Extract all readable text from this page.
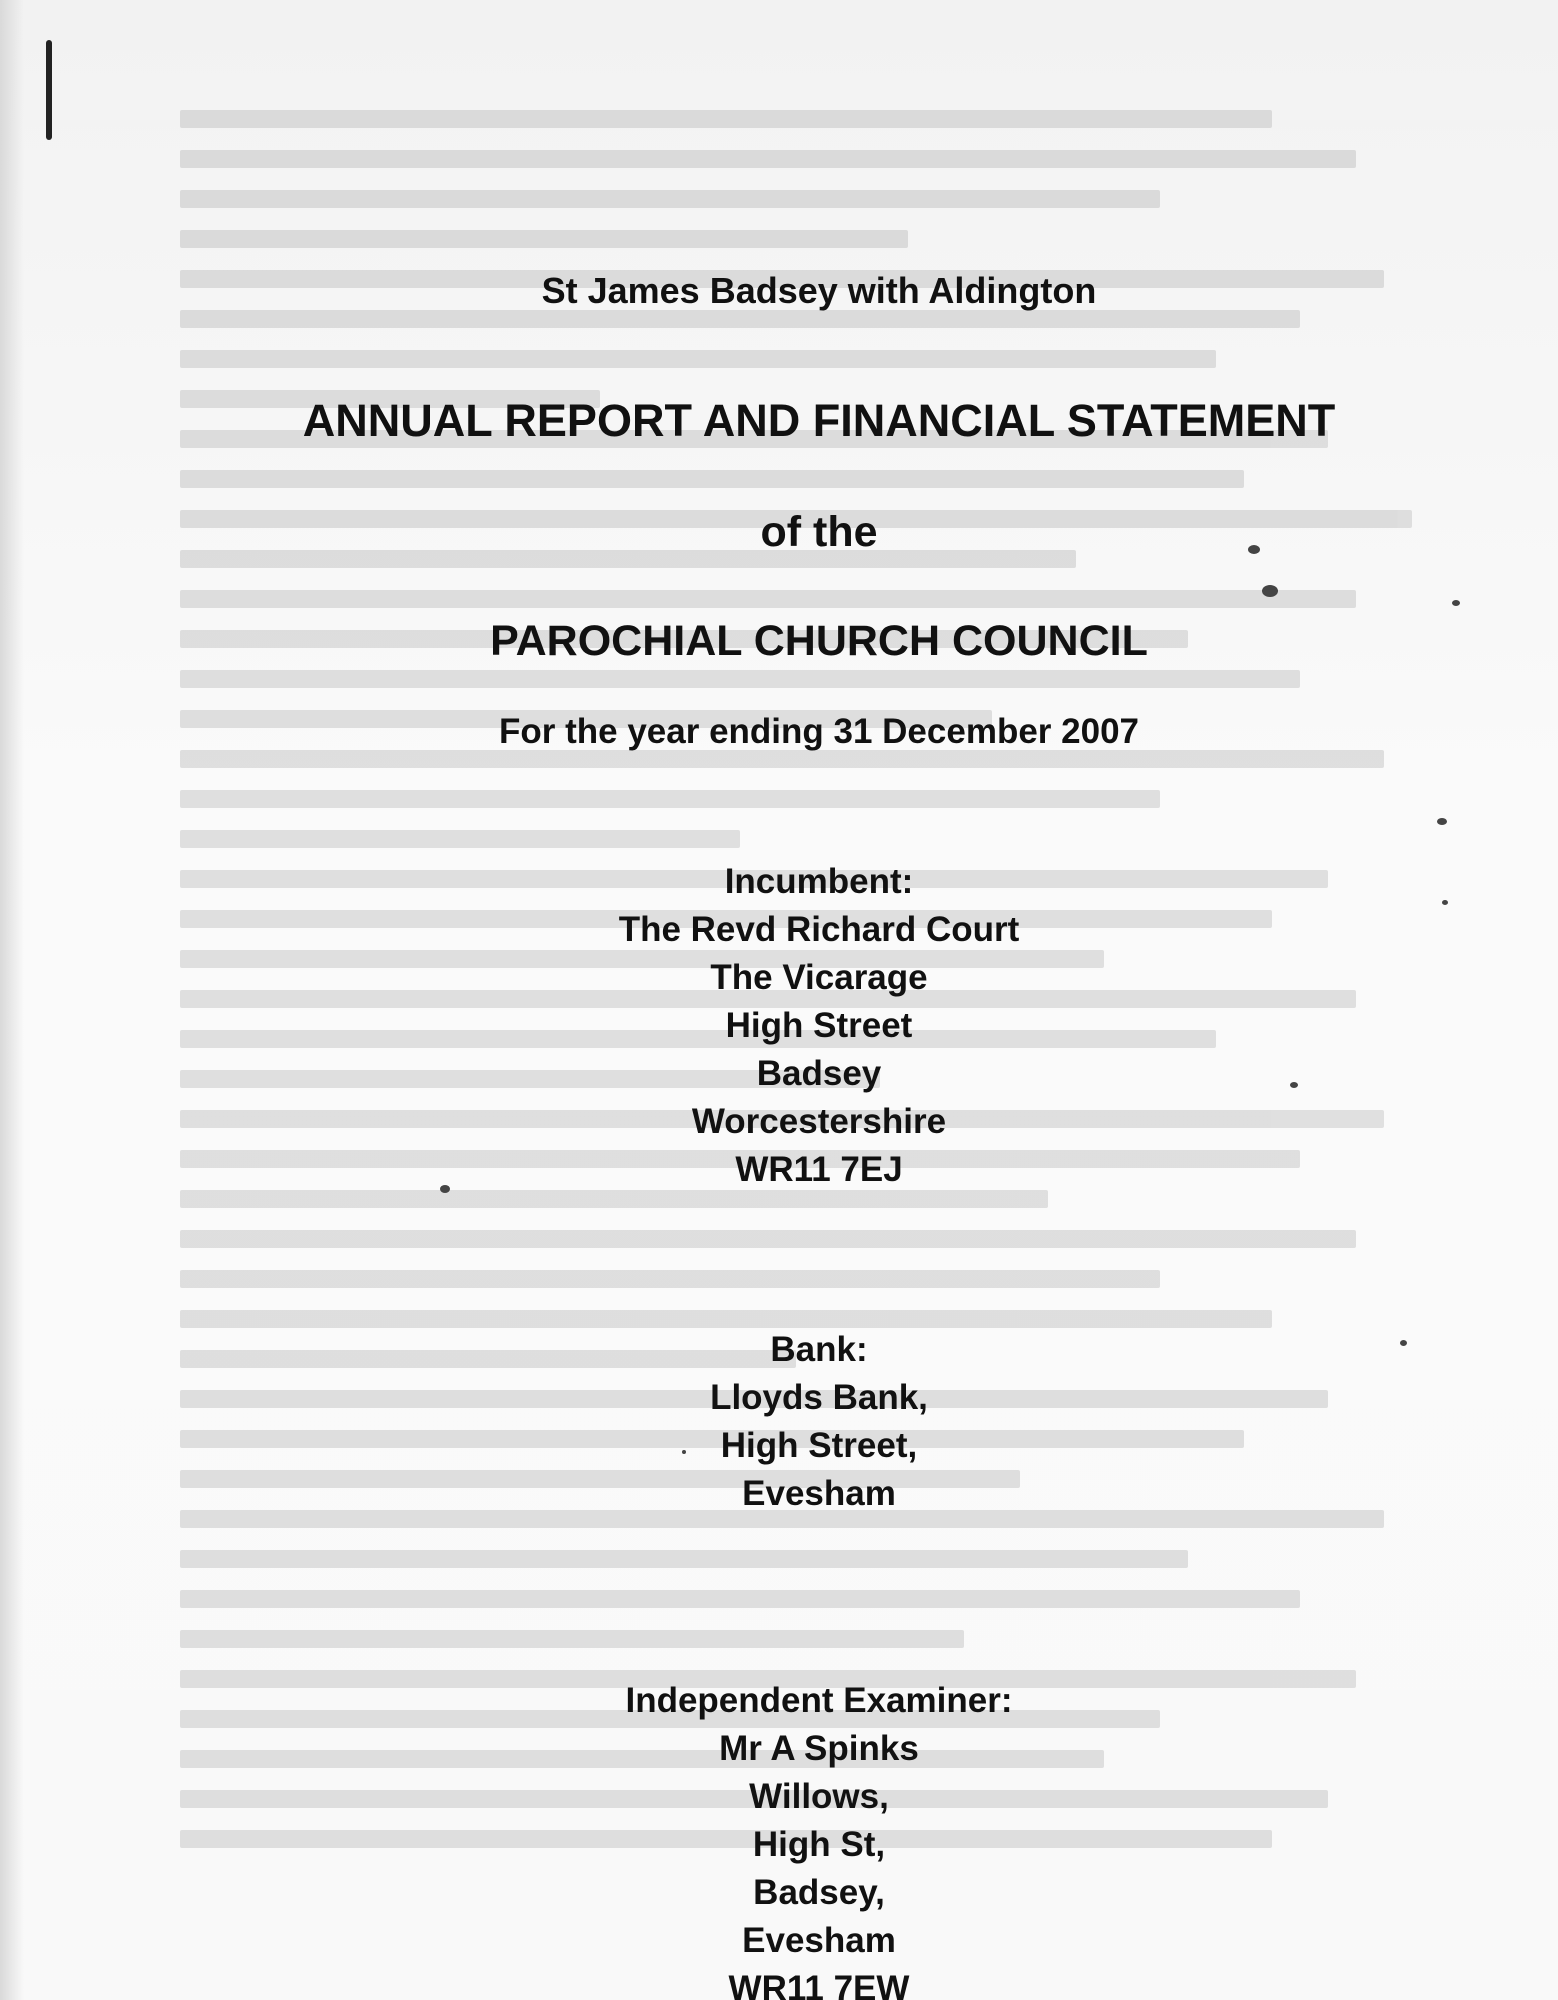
St James Badsey with Aldington
ANNUAL REPORT AND FINANCIAL STATEMENT
of the
PAROCHIAL CHURCH COUNCIL
For the year ending 31 December 2007
Incumbent:
The Revd Richard Court
The Vicarage
High Street
Badsey
Worcestershire
WR11 7EJ
Bank:
Lloyds Bank,
High Street,
Evesham
Independent Examiner:
Mr A Spinks
Willows,
High St,
Badsey,
Evesham
WR11 7EW
